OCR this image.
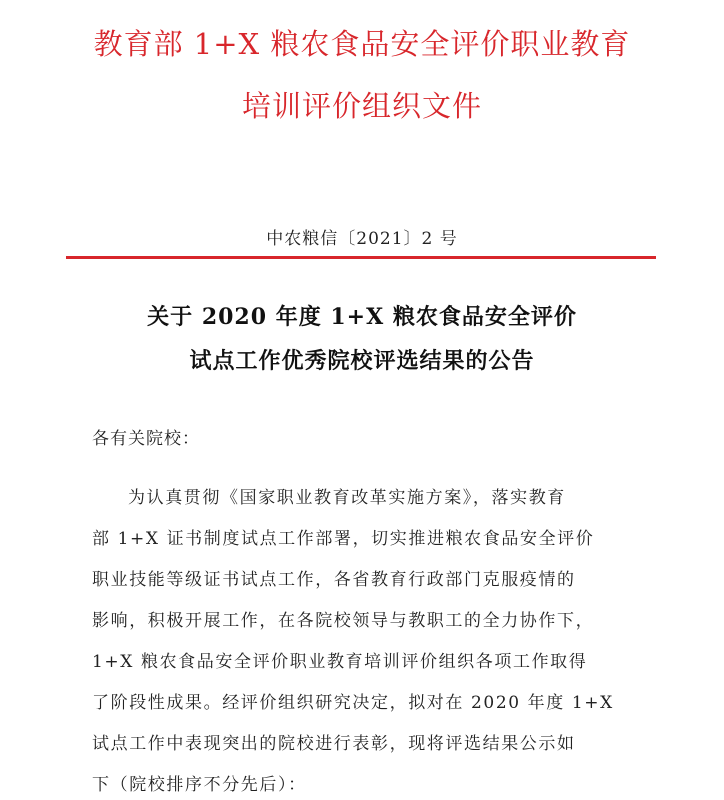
教育部 1+X 粮农食品安全评价职业教育
培训评价组织文件
中农粮信〔2021〕2 号
关于 2020 年度 1+X 粮农食品安全评价
试点工作优秀院校评选结果的公告
各有关院校：
为认真贯彻《国家职业教育改革实施方案》，落实教育
部 1+X 证书制度试点工作部署，切实推进粮农食品安全评价
职业技能等级证书试点工作，各省教育行政部门克服疫情的
影响，积极开展工作，在各院校领导与教职工的全力协作下，
1+X 粮农食品安全评价职业教育培训评价组织各项工作取得
了阶段性成果。经评价组织研究决定，拟对在 2020 年度 1+X
试点工作中表现突出的院校进行表彰，现将评选结果公示如
下（院校排序不分先后）：
